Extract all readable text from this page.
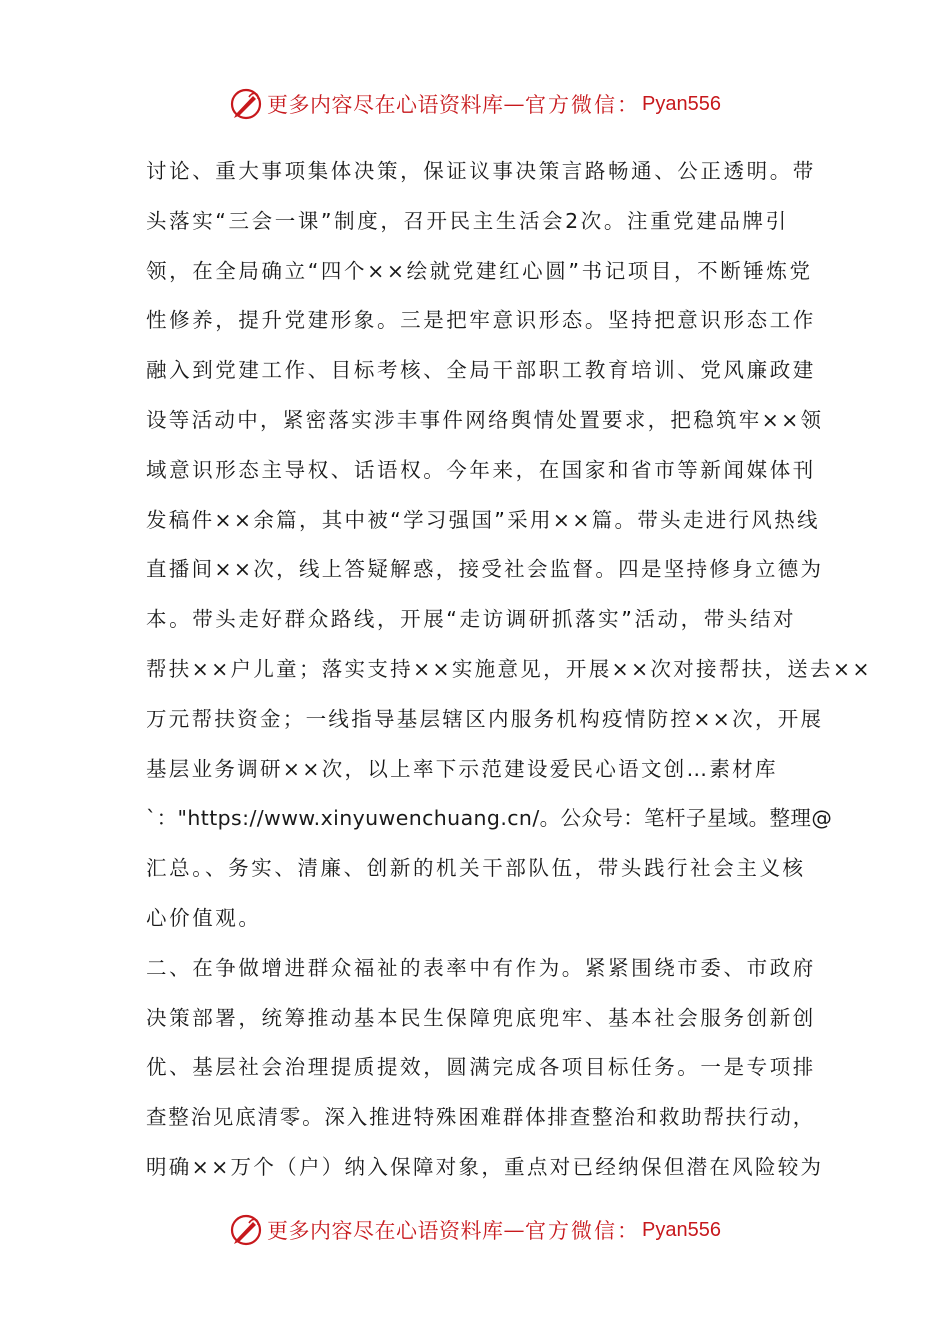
更多内容尽在心语资料库 — 官方微信： Pyan556
讨论、重大事项集体决策，保证议事决策言路畅通、公正透明。带
头落实“三会一课”制度，召开民主生活会2次。注重党建品牌引
领，在全局确立“四个××绘就党建红心圆”书记项目，不断锤炼党
性修养，提升党建形象。三是把牢意识形态。坚持把意识形态工作
融入到党建工作、目标考核、全局干部职工教育培训、党风廉政建
设等活动中，紧密落实涉丰事件网络舆情处置要求，把稳筑牢××领
域意识形态主导权、话语权。今年来，在国家和省市等新闻媒体刊
发稿件××余篇，其中被“学习强国”采用××篇。带头走进行风热线
直播间××次，线上答疑解惑，接受社会监督。四是坚持修身立德为
本。带头走好群众路线，开展“走访调研抓落实”活动，带头结对
帮扶××户儿童；落实支持××实施意见，开展××次对接帮扶，送去××
万元帮扶资金；一线指导基层辖区内服务机构疫情防控××次，开展
基层业务调研××次，以上率下示范建设爱民心语文创…素材库
`："https://www.xinyuwenchuang.cn/。公众号：笔杆子星域。整理@
汇总。、务实、清廉、创新的机关干部队伍，带头践行社会主义核
心价值观。
二、在争做增进群众福祉的表率中有作为。紧紧围绕市委、市政府
决策部署，统筹推动基本民生保障兜底兜牢、基本社会服务创新创
优、基层社会治理提质提效，圆满完成各项目标任务。一是专项排
查整治见底清零。深入推进特殊困难群体排查整治和救助帮扶行动，
明确××万个（户）纳入保障对象，重点对已经纳保但潜在风险较为
更多内容尽在心语资料库 — 官方微信： Pyan556
